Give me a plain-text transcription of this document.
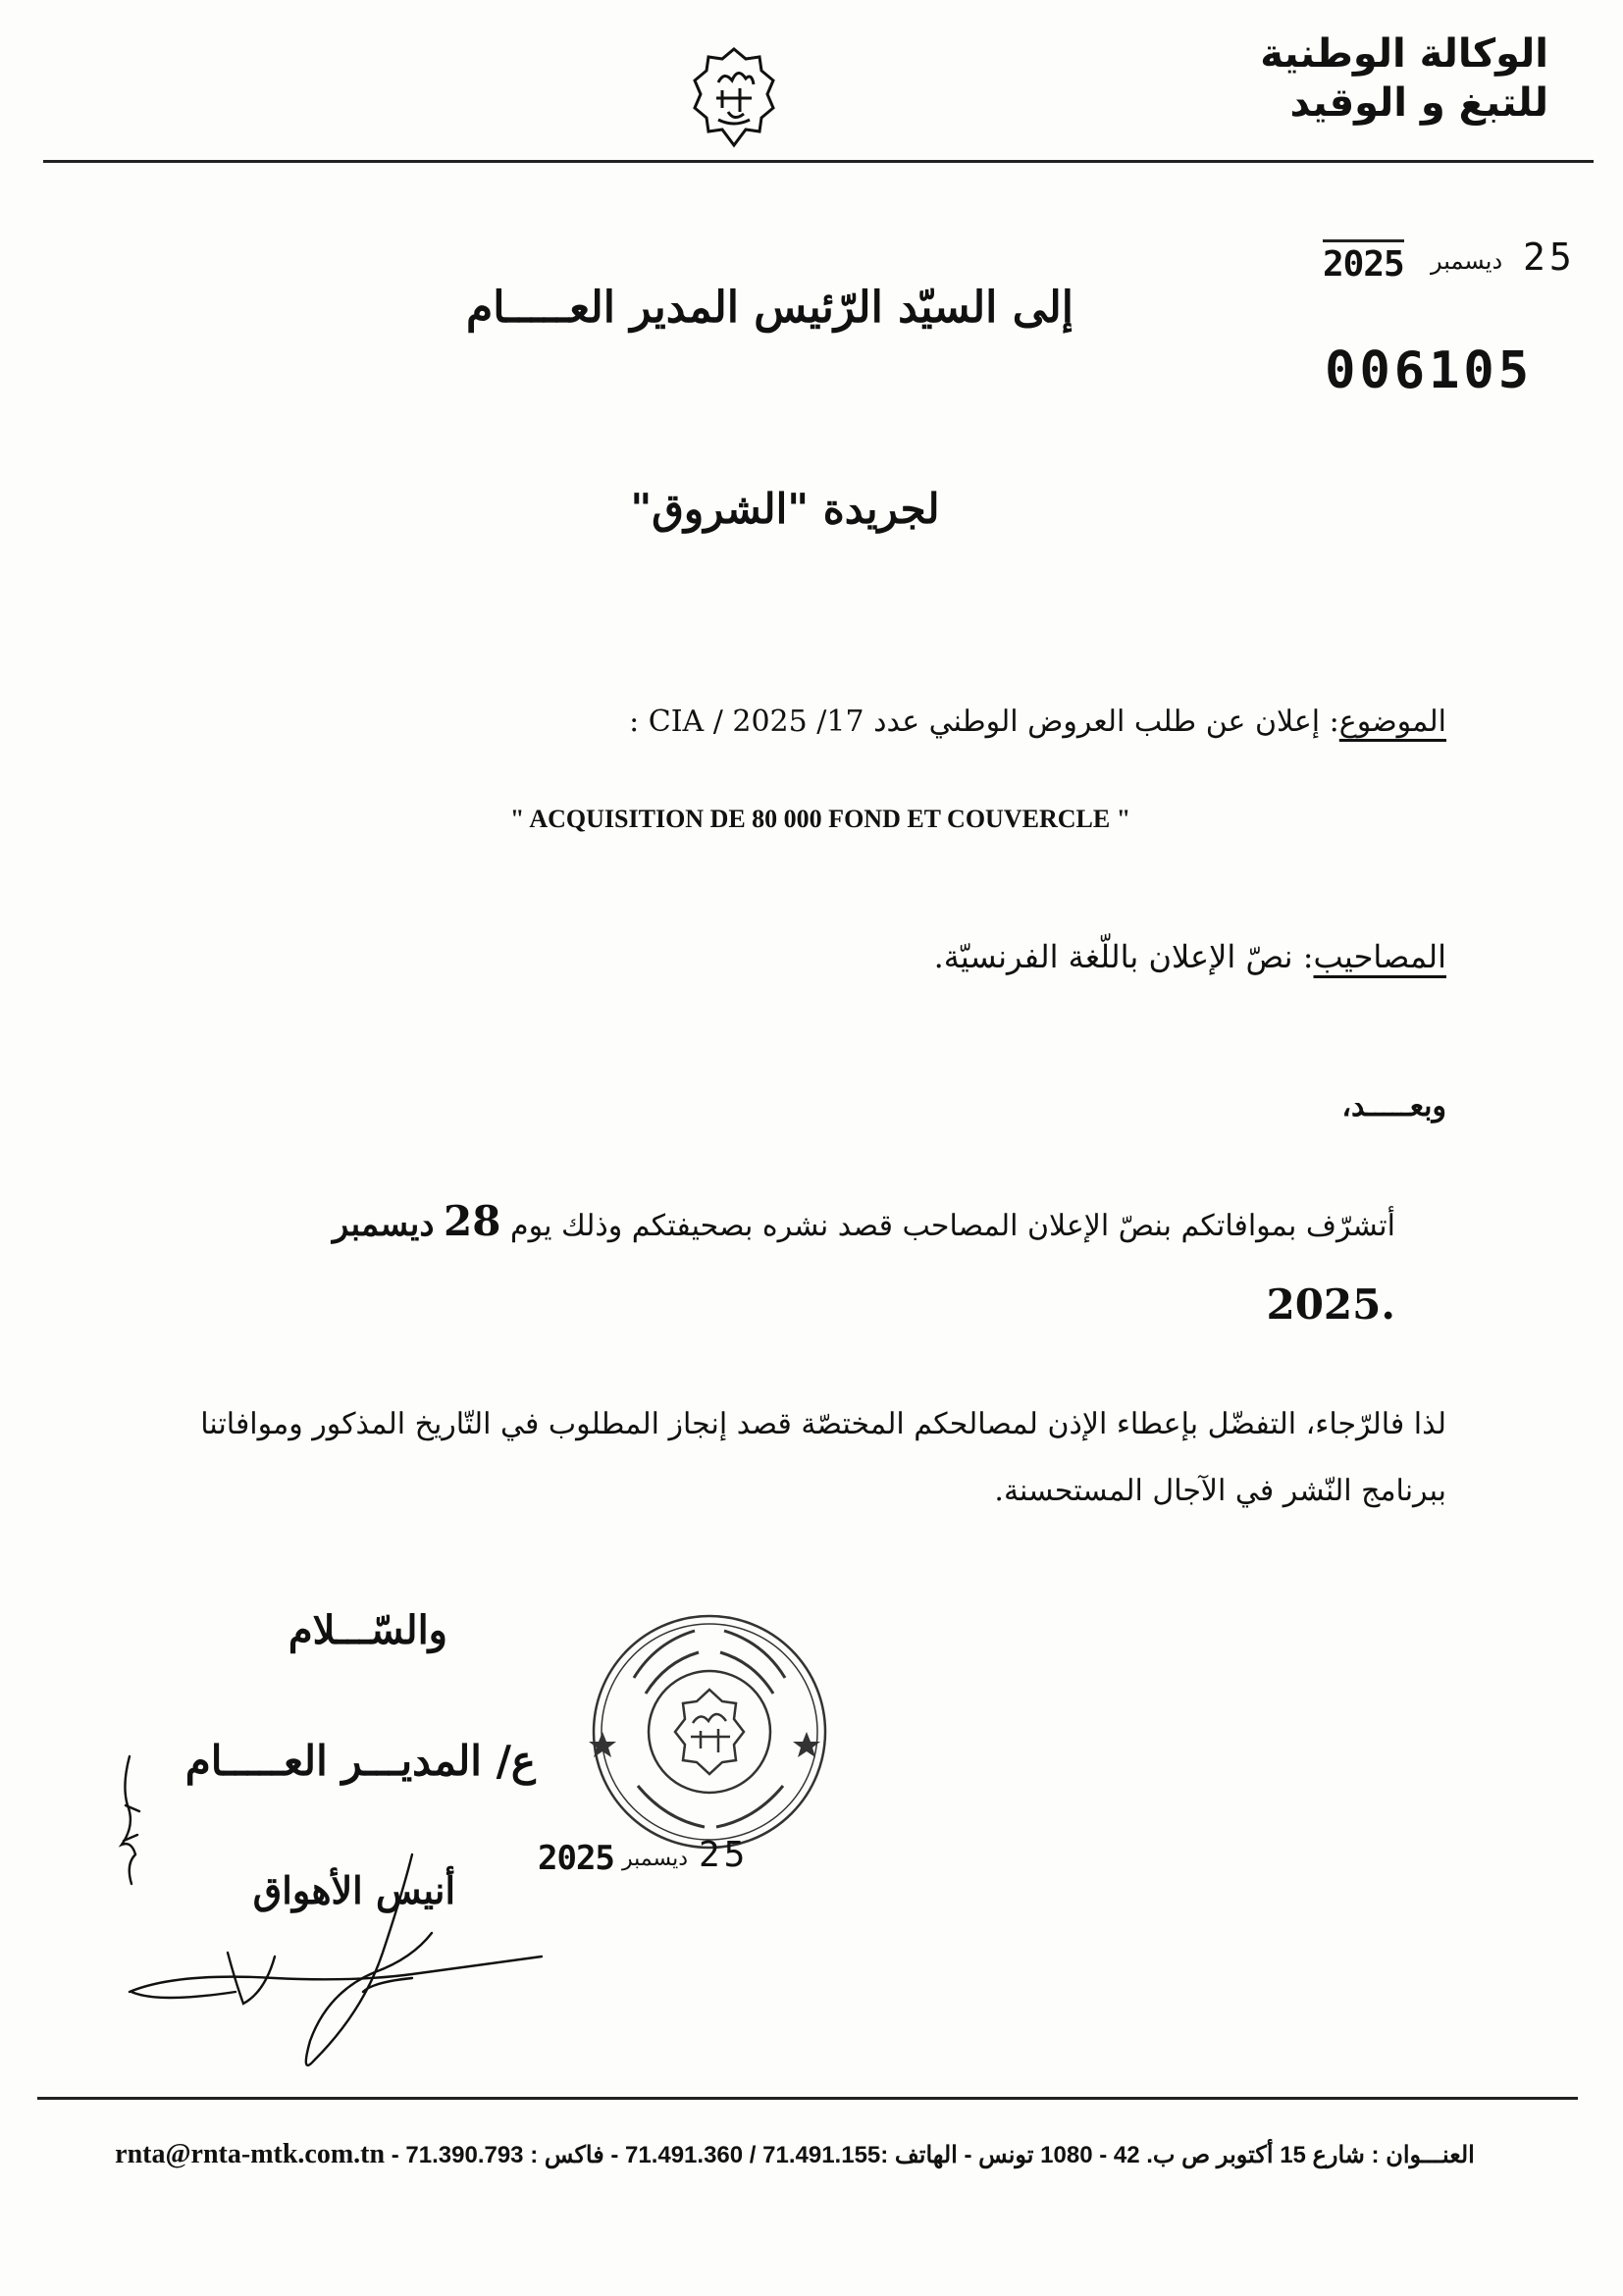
الوكالة الوطنية
للتبغ و الوقيد
2025 ديسمبر 25
006105
إلى السيّد الرّئيس المدير العـــــام
لجريدة "الشروق"
الموضوع: إعلان عن طلب العروض الوطني عدد 17/ CIA / 2025 :
" ACQUISITION DE 80 000 FOND ET COUVERCLE "
المصاحيب: نصّ الإعلان باللّغة الفرنسيّة.
وبعـــــد،
أتشرّف بموافاتكم بنصّ الإعلان المصاحب قصد نشره بصحيفتكم وذلك يوم 28 ديسمبر
.2025
لذا فالرّجاء، التفضّل بإعطاء الإذن لمصالحكم المختصّة قصد إنجاز المطلوب في التّاريخ المذكور وموافاتنا ببرنامج النّشر في الآجال المستحسنة.
والسّـــلام
ع/ المديـــر العـــــام
أنيس الأهواق
2025 ديسمبر 25
rnta@rnta-mtk.com.tn العنـــوان : شارع 15 أكتوبر ص ب. 42 - 1080 تونس - الهاتف :71.491.155 / 71.491.360 - فاكس : 71.390.793 -
